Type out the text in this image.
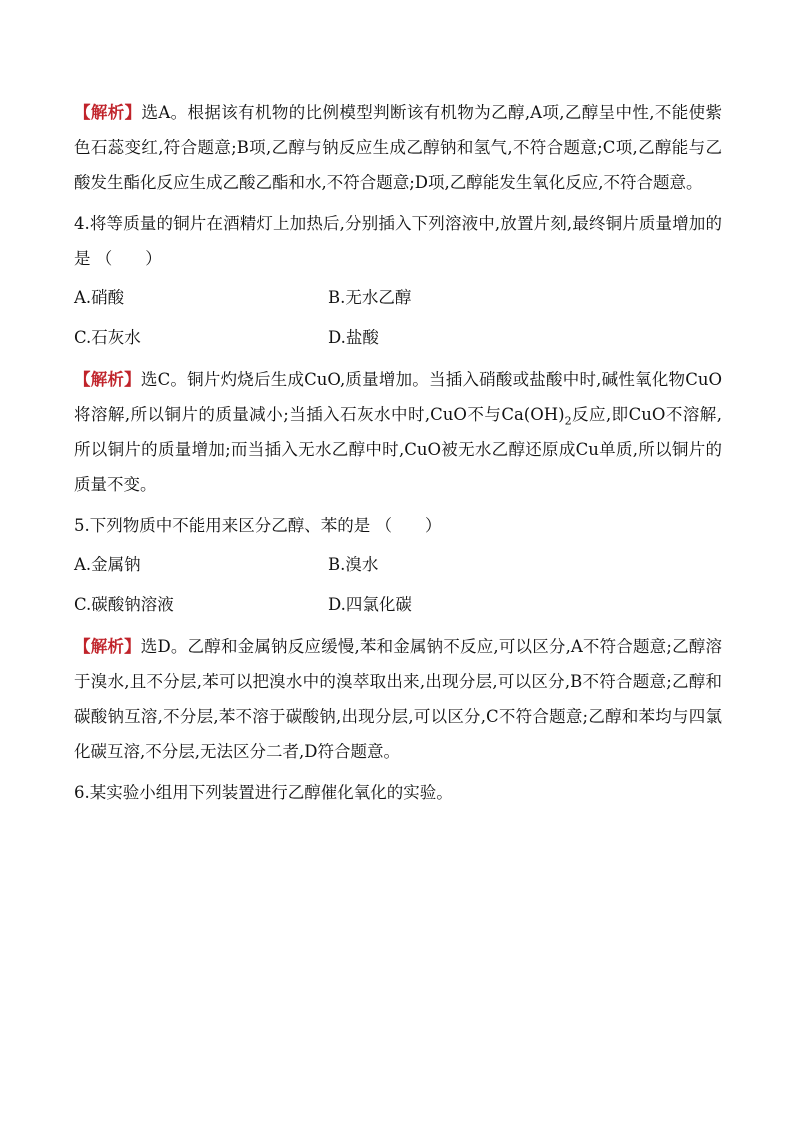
【解析】选A。根据该有机物的比例模型判断该有机物为乙醇,A项,乙醇呈中性,不能使紫色石蕊变红,符合题意;B项,乙醇与钠反应生成乙醇钠和氢气,不符合题意;C项,乙醇能与乙酸发生酯化反应生成乙酸乙酯和水,不符合题意;D项,乙醇能发生氧化反应,不符合题意。

4.将等质量的铜片在酒精灯上加热后,分别插入下列溶液中,放置片刻,最终铜片质量增加的是 （　　）

A.硝酸	B.无水乙醇
C.石灰水	D.盐酸

【解析】选C。铜片灼烧后生成CuO,质量增加。当插入硝酸或盐酸中时,碱性氧化物CuO将溶解,所以铜片的质量减小;当插入石灰水中时,CuO不与$Ca(OH)_2$反应,即CuO不溶解,所以铜片的质量增加;而当插入无水乙醇中时,CuO被无水乙醇还原成Cu单质,所以铜片的质量不变。

5.下列物质中不能用来区分乙醇、苯的是 （　　）

A.金属钠	B.溴水
C.碳酸钠溶液	D.四氯化碳

【解析】选D。乙醇和金属钠反应缓慢,苯和金属钠不反应,可以区分,A不符合题意;乙醇溶于溴水,且不分层,苯可以把溴水中的溴萃取出来,出现分层,可以区分,B不符合题意;乙醇和碳酸钠互溶,不分层,苯不溶于碳酸钠,出现分层,可以区分,C不符合题意;乙醇和苯均与四氯化碳互溶,不分层,无法区分二者,D符合题意。

6.某实验小组用下列装置进行乙醇催化氧化的实验。
